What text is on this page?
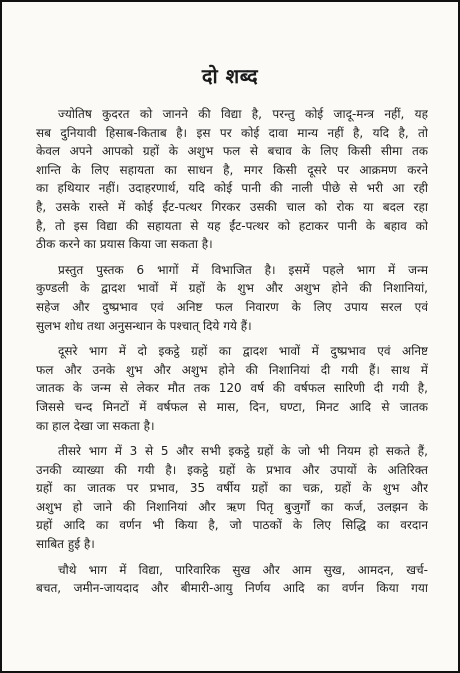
दो शब्द
ज्योतिष कुदरत को जानने की विद्या है, परन्तु कोई जादू-मन्त्र नहीं, यह
सब दुनियावी हिसाब-किताब है। इस पर कोई दावा मान्य नहीं है, यदि है, तो
केवल अपने आपको ग्रहों के अशुभ फल से बचाव के लिए किसी सीमा तक
शान्ति के लिए सहायता का साधन है, मगर किसी दूसरे पर आक्रमण करने
का हथियार नहीं। उदाहरणार्थ, यदि कोई पानी की नाली पीछे से भरी आ रही
है, उसके रास्ते में कोई ईंट-पत्थर गिरकर उसकी चाल को रोक या बदल रहा
है, तो इस विद्या की सहायता से यह ईंट-पत्थर को हटाकर पानी के बहाव को
ठीक करने का प्रयास किया जा सकता है।
प्रस्तुत पुस्तक 6 भागों में विभाजित है। इसमें पहले भाग में जन्म
कुण्डली के द्वादश भावों में ग्रहों के शुभ और अशुभ होने की निशानियां,
सहेज और दुष्प्रभाव एवं अनिष्ट फल निवारण के लिए उपाय सरल एवं
सुलभ शोध तथा अनुसन्धान के पश्चात् दिये गये हैं।
दूसरे भाग में दो इकट्ठे ग्रहों का द्वादश भावों में दुष्प्रभाव एवं अनिष्ट
फल और उनके शुभ और अशुभ होने की निशानियां दी गयी हैं। साथ में
जातक के जन्म से लेकर मौत तक 120 वर्ष की वर्षफल सारिणी दी गयी है,
जिससे चन्द मिनटों में वर्षफल से मास, दिन, घण्टा, मिनट आदि से जातक
का हाल देखा जा सकता है।
तीसरे भाग में 3 से 5 और सभी इकट्ठे ग्रहों के जो भी नियम हो सकते हैं,
उनकी व्याख्या की गयी है। इकट्ठे ग्रहों के प्रभाव और उपायों के अतिरिक्त
ग्रहों का जातक पर प्रभाव, 35 वर्षीय ग्रहों का चक्र, ग्रहों के शुभ और
अशुभ हो जाने की निशानियां और ऋण पितृ बुजुर्गों का कर्ज, उलझन के
ग्रहों आदि का वर्णन भी किया है, जो पाठकों के लिए सिद्धि का वरदान
साबित हुई है।
चौथे भाग में विद्या, पारिवारिक सुख और आम सुख, आमदन, खर्च-
बचत, जमीन-जायदाद और बीमारी-आयु निर्णय आदि का वर्णन किया गया
